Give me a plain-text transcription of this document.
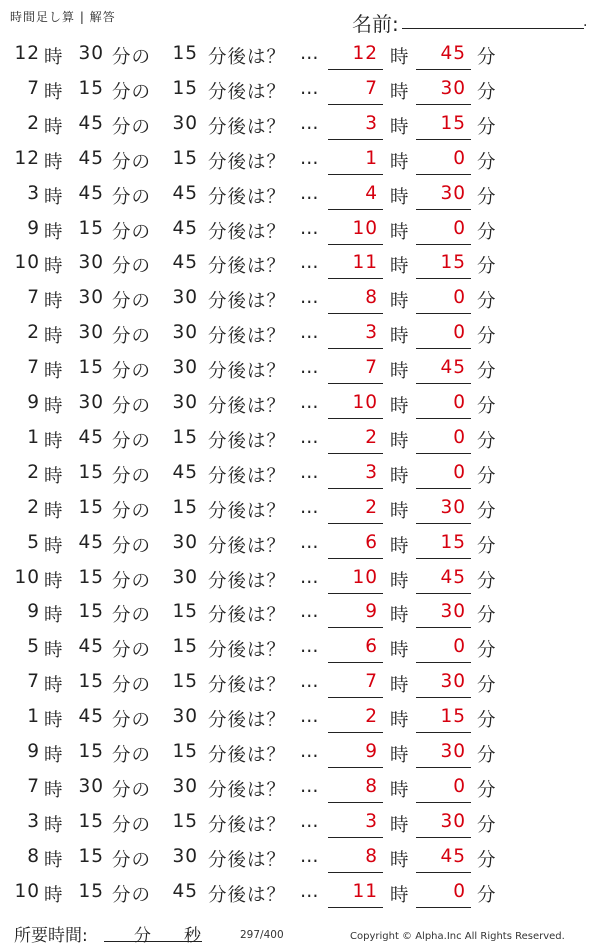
時間足し算 | 解答	名前:	.
12 時 30 分の 15 分後は？ …	12 時	45 分
7 時 15 分の 15 分後は？ …	7 時	30 分
2 時 45 分の 30 分後は？ …	3 時	15 分
12 時 45 分の 15 分後は？ …	1 時	0 分
3 時 45 分の 45 分後は？ …	4 時	30 分
9 時 15 分の 45 分後は？ …	10 時	0 分
10 時 30 分の 45 分後は？ …	11 時	15 分
7 時 30 分の 30 分後は？ …	8 時	0 分
2 時 30 分の 30 分後は？ …	3 時	0 分
7 時 15 分の 30 分後は？ …	7 時	45 分
9 時 30 分の 30 分後は？ …	10 時	0 分
1 時 45 分の 15 分後は？ …	2 時	0 分
2 時 15 分の 45 分後は？ …	3 時	0 分
2 時 15 分の 15 分後は？ …	2 時	30 分
5 時 45 分の 30 分後は？ …	6 時	15 分
10 時 15 分の 30 分後は？ …	10 時	45 分
9 時 15 分の 15 分後は？ …	9 時	30 分
5 時 45 分の 15 分後は？ …	6 時	0 分
7 時 15 分の 15 分後は？ …	7 時	30 分
1 時 45 分の 30 分後は？ …	2 時	15 分
9 時 15 分の 15 分後は？ …	9 時	30 分
7 時 30 分の 30 分後は？ …	8 時	0 分
3 時 15 分の 15 分後は？ …	3 時	30 分
8 時 15 分の 30 分後は？ …	8 時	45 分
10 時 15 分の 45 分後は？ …	11 時	0 分
所要時間:	分 秒	297/400	Copyright © Alpha.Inc All Rights Reserved.
